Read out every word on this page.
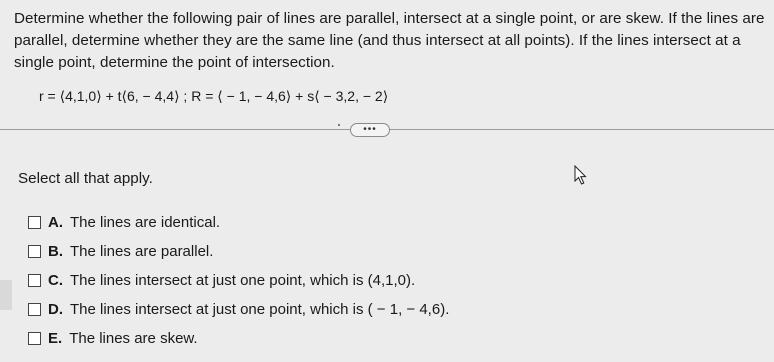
Determine whether the following pair of lines are parallel, intersect at a single point, or are skew. If the lines are parallel, determine whether they are the same line (and thus intersect at all points). If the lines intersect at a single point, determine the point of intersection.
r = ⟨4,1,0⟩ + t⟨6, − 4,4⟩ ; R = ⟨ − 1, − 4,6⟩ + s⟨ − 3,2, − 2⟩
•••
Select all that apply.
A. The lines are identical.
B. The lines are parallel.
C. The lines intersect at just one point, which is (4,1,0).
D. The lines intersect at just one point, which is ( − 1, − 4,6).
E. The lines are skew.
